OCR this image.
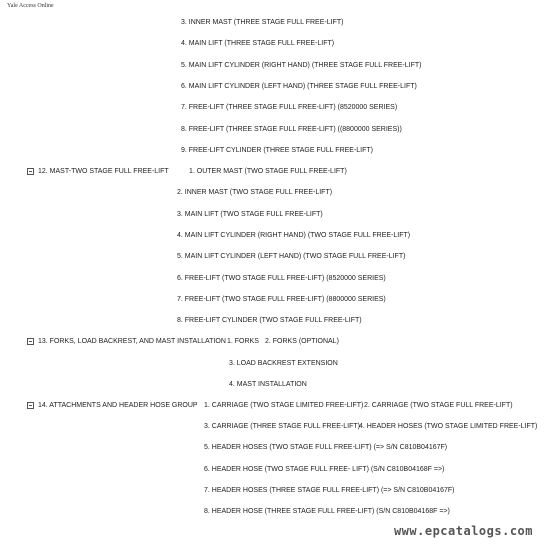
Yale Access Online
3. INNER MAST (THREE STAGE FULL FREE-LIFT)
4. MAIN LIFT (THREE STAGE FULL FREE-LIFT)
5. MAIN LIFT CYLINDER (RIGHT HAND) (THREE STAGE FULL FREE-LIFT)
6. MAIN LIFT CYLINDER (LEFT HAND) (THREE STAGE FULL FREE-LIFT)
7. FREE-LIFT (THREE STAGE FULL FREE-LIFT) (8520000 SERIES)
8. FREE-LIFT (THREE STAGE FULL FREE-LIFT) ((8800000 SERIES))
9. FREE-LIFT CYLINDER (THREE STAGE FULL FREE-LIFT)
12. MAST-TWO STAGE FULL FREE-LIFT	1. OUTER MAST (TWO STAGE FULL FREE-LIFT)
2. INNER MAST (TWO STAGE FULL FREE-LIFT)
3. MAIN LIFT (TWO STAGE FULL FREE-LIFT)
4. MAIN LIFT CYLINDER (RIGHT HAND) (TWO STAGE FULL FREE-LIFT)
5. MAIN LIFT CYLINDER (LEFT HAND) (TWO STAGE FULL FREE-LIFT)
6. FREE-LIFT (TWO STAGE FULL FREE-LIFT) (8520000 SERIES)
7. FREE-LIFT (TWO STAGE FULL FREE-LIFT) (8800000 SERIES)
8. FREE-LIFT CYLINDER (TWO STAGE FULL FREE-LIFT)
13. FORKS, LOAD BACKREST, AND MAST INSTALLATION 1. FORKS 2. FORKS (OPTIONAL)
3. LOAD BACKREST EXTENSION
4. MAST INSTALLATION
14. ATTACHMENTS AND HEADER HOSE GROUP 1. CARRIAGE (TWO STAGE LIMITED FREE-LIFT) 2. CARRIAGE (TWO STAGE FULL FREE-LIFT)
3. CARRIAGE (THREE STAGE FULL FREE-LIFT) 4. HEADER HOSES (TWO STAGE LIMITED FREE-LIFT)
5. HEADER HOSES (TWO STAGE FULL FREE-LIFT) (=> S/N C810B04167F)
6. HEADER HOSE (TWO STAGE FULL FREE- LIFT) (S/N C810B04168F =>)
7. HEADER HOSES (THREE STAGE FULL FREE-LIFT) (=> S/N C810B04167F)
8. HEADER HOSE (THREE STAGE FULL FREE-LIFT) (S/N C810B04168F =>)
www.epcatalogs.com
